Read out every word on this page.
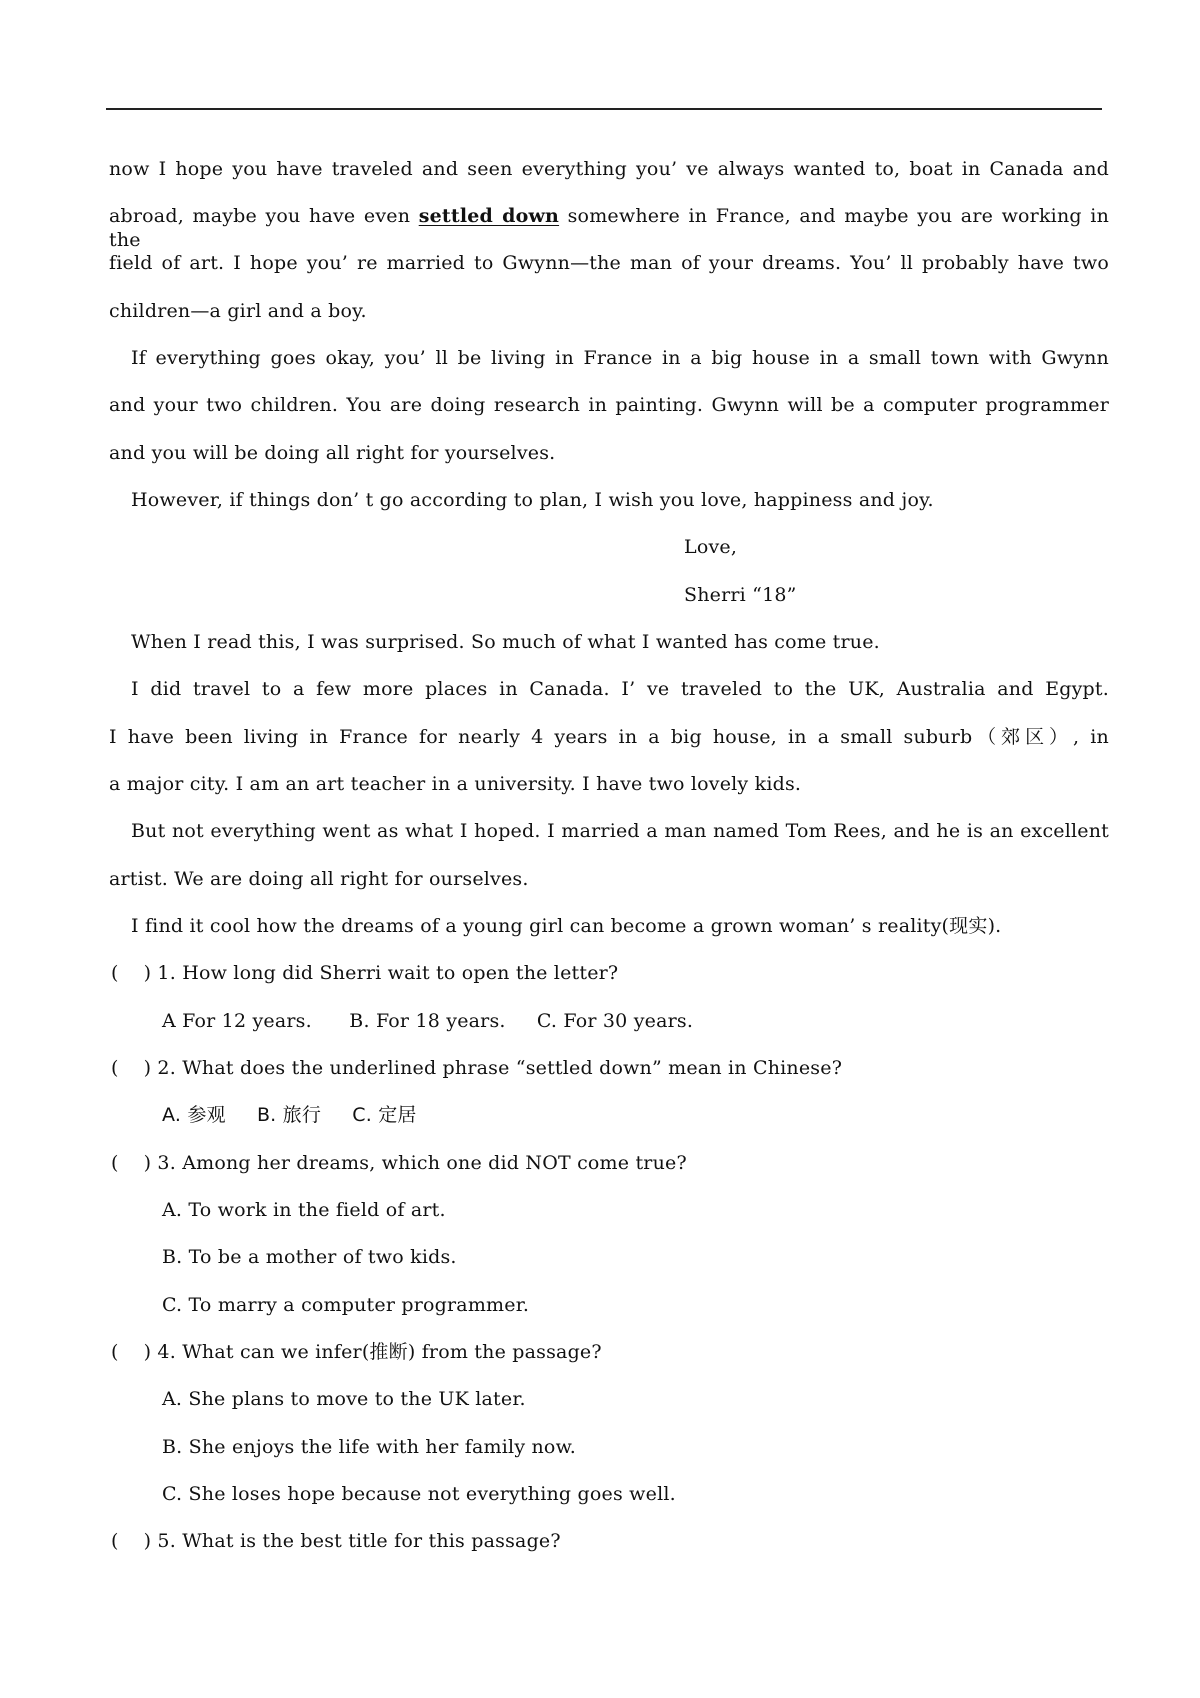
now I hope you have traveled and seen everything you’ ve always wanted to, boat in Canada and
abroad, maybe you have even settled down somewhere in France, and maybe you are working in the
field of art. I hope you’ re married to Gwynn—the man of your dreams. You’ ll probably have two
children—a girl and a boy.
If everything goes okay, you’ ll be living in France in a big house in a small town with Gwynn
and your two children. You are doing research in painting. Gwynn will be a computer programmer
and you will be doing all right for yourselves.
However, if things don’ t go according to plan, I wish you love, happiness and joy.
Love,
Sherri “18”
When I read this, I was surprised. So much of what I wanted has come true.
I did travel to a few more places in Canada. I’ ve traveled to the UK, Australia and Egypt.
I have been living in France for nearly 4 years in a big house, in a small suburb（郊区）, in
a major city. I am an art teacher in a university. I have two lovely kids.
But not everything went as what I hoped. I married a man named Tom Rees, and he is an excellent
artist. We are doing all right for ourselves.
I find it cool how the dreams of a young girl can become a grown woman’ s reality(现实).
(    ) 1. How long did Sherri wait to open the letter?
A For 12 years.      B. For 18 years.     C. For 30 years.
(    ) 2. What does the underlined phrase “settled down” mean in Chinese?
A. 参观     B. 旅行     C. 定居
(    ) 3. Among her dreams, which one did NOT come true?
A. To work in the field of art.
B. To be a mother of two kids.
C. To marry a computer programmer.
(    ) 4. What can we infer(推断) from the passage?
A. She plans to move to the UK later.
B. She enjoys the life with her family now.
C. She loses hope because not everything goes well.
(    ) 5. What is the best title for this passage?
